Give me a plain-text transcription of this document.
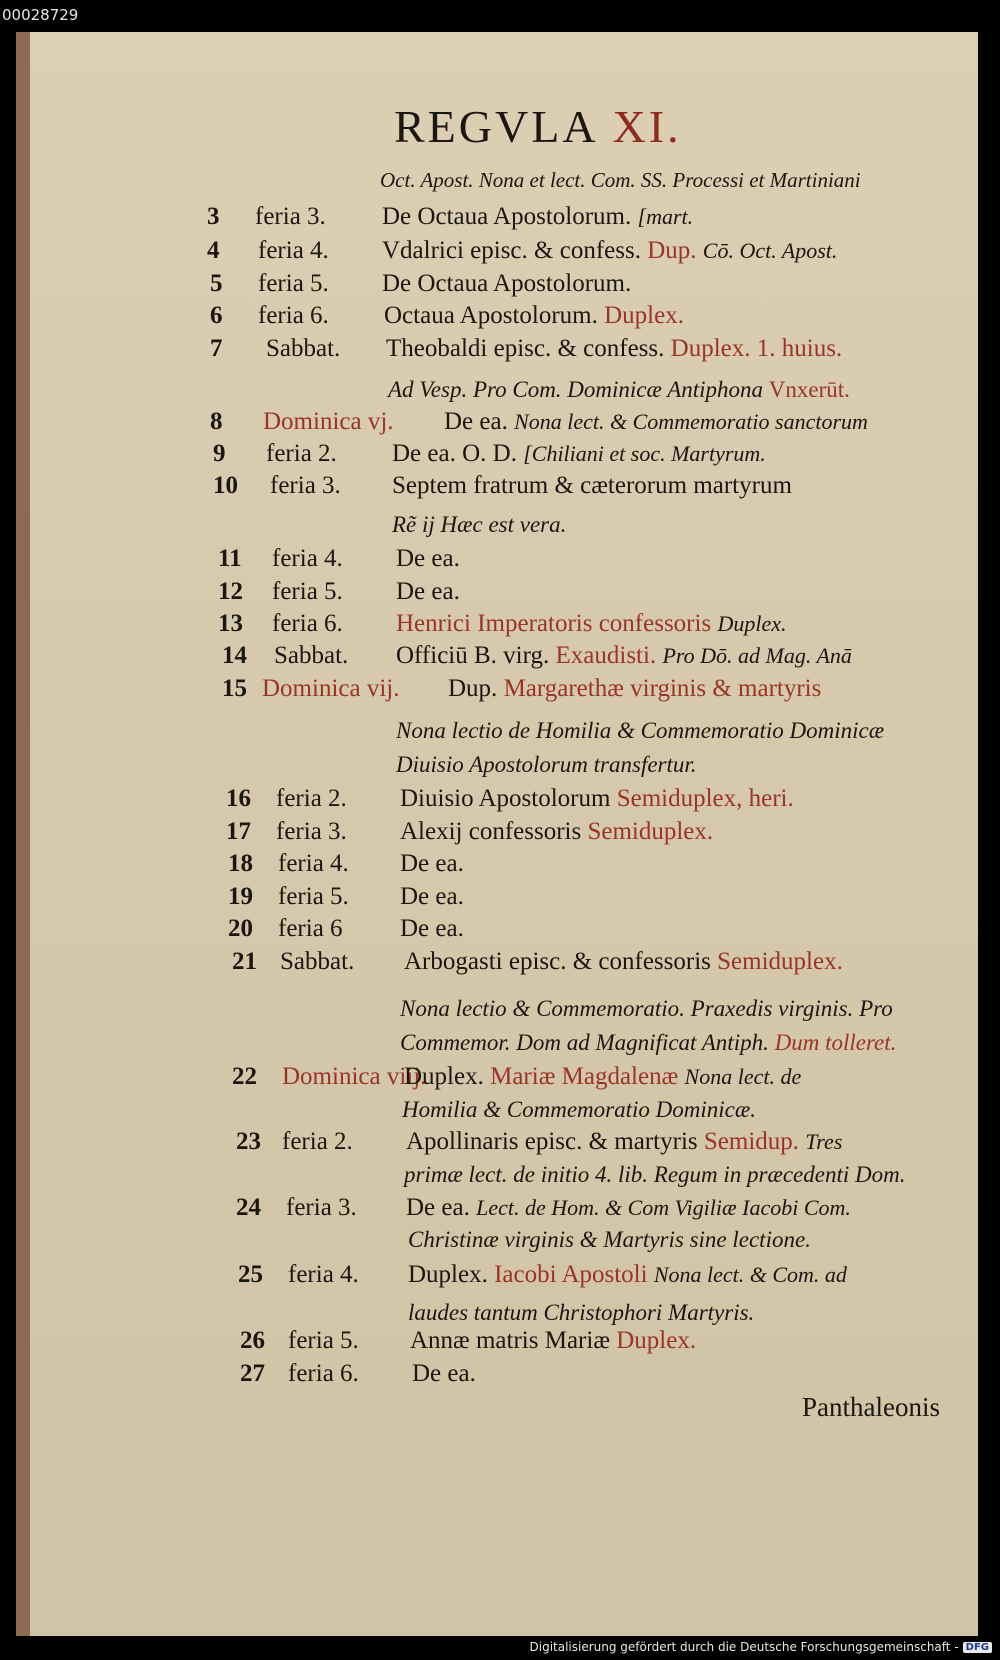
00028729
REGVLA XI.
Oct. Apost. Nona et lect. Com. SS. Processi et Martiniani
3 feria 3. De Octaua Apostolorum. [mart.
4 feria 4. Vdalrici episc. & confess. Dup. Cō. Oct. Apost.
5 feria 5. De Octaua Apostolorum.
6 feria 6. Octaua Apostolorum. Duplex.
7 Sabbat. Theobaldi episc. & confess. Duplex. 1. huius.
8 Dominica vj. De ea. Nona lect. & Commemoratio sanctorum
9 feria 2. De ea. O. D. [Chiliani et soc. Martyrum.
10 feria 3. Septem fratrum & cæterorum martyrum
11 feria 4. De ea.
12 feria 5. De ea.
13 feria 6. Henrici Imperatoris confessoris Duplex.
14 Sabbat. Officiū B. virg. Exaudisti. Pro Dō. ad Mag. Anā
15 Dominica vij. Dup. Margarethæ virginis & martyris
16 feria 2. Diuisio Apostolorum Semiduplex, heri.
17 feria 3. Alexij confessoris Semiduplex.
18 feria 4. De ea.
19 feria 5. De ea.
20 feria 6 De ea.
21 Sabbat. Arbogasti episc. & confessoris Semiduplex.
22 Dominica viij.
Duplex. Mariæ Magdalenæ Nona lect. de
23 feria 2. Apollinaris episc. & martyris Semidup. Tres
24 feria 3. De ea. Lect. de Hom. & Com Vigiliæ Iacobi Com.
25 feria 4. Duplex. Iacobi Apostoli Nona lect. & Com. ad
26 feria 5. Annæ matris Mariæ Duplex.
27 feria 6. De ea.
Ad Vesp. Pro Com. Dominicæ Antiphona Vnxerūt.
Rẽ ij Hæc est vera.
Nona lectio de Homilia & Commemoratio Dominicæ
Diuisio Apostolorum transfertur.
Nona lectio & Commemoratio. Praxedis virginis. Pro
Commemor. Dom ad Magnificat Antiph. Dum tolleret.
Homilia & Commemoratio Dominicæ.
primæ lect. de initio 4. lib. Regum in præcedenti Dom.
Christinæ virginis & Martyris sine lectione.
laudes tantum Christophori Martyris.
Panthaleonis
Digitalisierung gefördert durch die Deutsche Forschungsgemeinschaft - DFG
